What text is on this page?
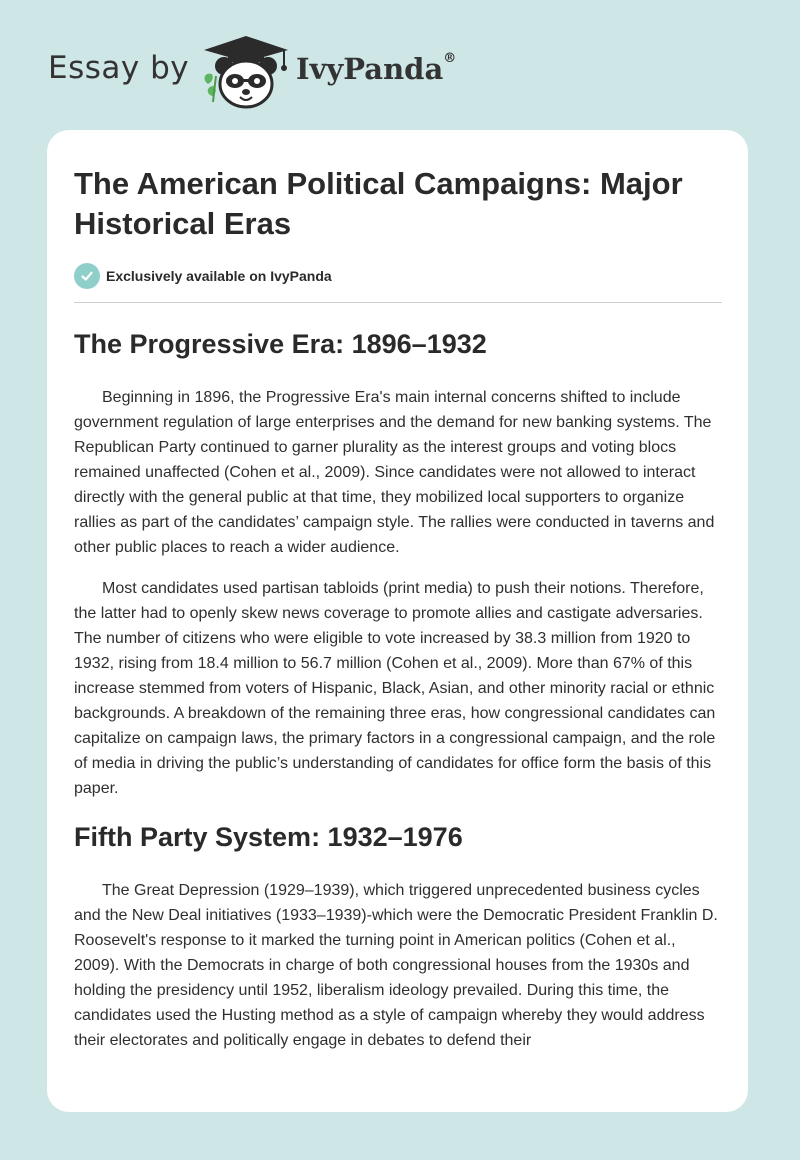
Essay by	IvyPanda®
The American Political Campaigns: Major Historical Eras
Exclusively available on IvyPanda
The Progressive Era: 1896–1932

Beginning in 1896, the Progressive Era's main internal concerns shifted to include government regulation of large enterprises and the demand for new banking systems. The Republican Party continued to garner plurality as the interest groups and voting blocs remained unaffected (Cohen et al., 2009). Since candidates were not allowed to interact directly with the general public at that time, they mobilized local supporters to organize rallies as part of the candidates’ campaign style. The rallies were conducted in taverns and other public places to reach a wider audience.

Most candidates used partisan tabloids (print media) to push their notions. Therefore, the latter had to openly skew news coverage to promote allies and castigate adversaries. The number of citizens who were eligible to vote increased by 38.3 million from 1920 to 1932, rising from 18.4 million to 56.7 million (Cohen et al., 2009). More than 67% of this increase stemmed from voters of Hispanic, Black, Asian, and other minority racial or ethnic backgrounds. A breakdown of the remaining three eras, how congressional candidates can capitalize on campaign laws, the primary factors in a congressional campaign, and the role of media in driving the public’s understanding of candidates for office form the basis of this paper.

Fifth Party System: 1932–1976

The Great Depression (1929–1939), which triggered unprecedented business cycles and the New Deal initiatives (1933–1939)-which were the Democratic President Franklin D. Roosevelt's response to it marked the turning point in American politics (Cohen et al., 2009). With the Democrats in charge of both congressional houses from the 1930s and holding the presidency until 1952, liberalism ideology prevailed. During this time, the candidates used the Husting method as a style of campaign whereby they would address their electorates and politically engage in debates to defend their
